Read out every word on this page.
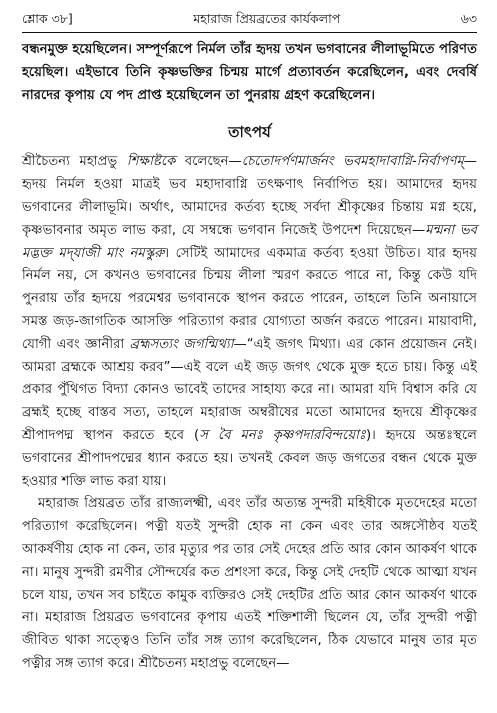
শ্লোক ৩৮]	মহারাজ প্রিয়ব্রতের কার্যকলাপ	৬৩

বন্ধনমুক্ত হয়েছিলেন। সম্পূর্ণরূপে নির্মল তাঁর হৃদয় তখন ভগবানের লীলাভূমিতে পরিণত হয়েছিল। এইভাবে তিনি কৃষ্ণভক্তির চিন্ময় মার্গে প্রত্যাবর্তন করেছিলেন, এবং দেবর্ষি নারদের কৃপায় যে পদ প্রাপ্ত হয়েছিলেন তা পুনরায় গ্রহণ করেছিলেন।

তাৎপর্য

শ্রীচৈতন্য মহাপ্রভু শিক্ষাষ্টকে বলেছেন—চেতোদর্পণমার্জনং ভবমহাদাবাগ্নি-নির্বাপণম্—হৃদয় নির্মল হওয়া মাত্রই ভব মহাদাবাগ্নি তৎক্ষণাৎ নির্বাপিত হয়। আমাদের হৃদয় ভগবানের লীলাভূমি। অর্থাৎ, আমাদের কর্তব্য হচ্ছে সর্বদা শ্রীকৃষ্ণের চিন্তায় মগ্ন হয়ে, কৃষ্ণভাবনার অমৃত লাভ করা, যে সম্বন্ধে ভগবান নিজেই উপদেশ দিয়েছেন—মন্মনা ভব মদ্ভক্ত মদ্‌যাজী মাং নমস্কুরু। সেটিই আমাদের একমাত্র কর্তব্য হওয়া উচিত। যার হৃদয় নির্মল নয়, সে কখনও ভগবানের চিন্ময় লীলা স্মরণ করতে পারে না, কিন্তু কেউ যদি পুনরায় তাঁর হৃদয়ে পরমেশ্বর ভগবানকে স্থাপন করতে পারেন, তাহলে তিনি অনায়াসে সমস্ত জড়-জাগতিক আসক্তি পরিত্যাগ করার যোগ্যতা অর্জন করতে পারেন। মায়াবাদী, যোগী এবং জ্ঞানীরা ব্রহ্মসত্যং জগন্মিথ্যা—“এই জগৎ মিথ্যা। এর কোন প্রয়োজন নেই। আমরা ব্রহ্মকে আশ্রয় করব”—এই বলে এই জড় জগৎ থেকে মুক্ত হতে চায়। কিন্তু এই প্রকার পুঁথিগত বিদ্যা কোনও ভাবেই তাদের সাহায্য করে না। আমরা যদি বিশ্বাস করি যে ব্রহ্মই হচ্ছে বাস্তব সত্য, তাহলে মহারাজ অম্বরীষের মতো আমাদের হৃদয়ে শ্রীকৃষ্ণের শ্রীপাদপদ্ম স্থাপন করতে হবে (স বৈ মনঃ কৃষ্ণপদারবিন্দয়োঃ)। হৃদয়ে অন্তঃস্থলে ভগবানের শ্রীপাদপদ্মের ধ্যান করতে হয়। তখনই কেবল জড় জগতের বন্ধন থেকে মুক্ত হওয়ার শক্তি লাভ করা যায়।

মহারাজ প্রিয়ব্রত তাঁর রাজ্যলক্ষ্মী, এবং তাঁর অত্যন্ত সুন্দরী মহিষীকে মৃতদেহের মতো পরিত্যাগ করেছিলেন। পত্নী যতই সুন্দরী হোক না কেন এবং তার অঙ্গসৌষ্ঠব যতই আকর্ষণীয় হোক না কেন, তার মৃত্যুর পর তার সেই দেহের প্রতি আর কোন আকর্ষণ থাকে না। মানুষ সুন্দরী রমণীর সৌন্দর্যের কত প্রশংসা করে, কিন্তু সেই দেহটি থেকে আত্মা যখন চলে যায়, তখন সব চাইতে কামুক ব্যক্তিরও সেই দেহটির প্রতি আর কোন আকর্ষণ থাকে না। মহারাজ প্রিয়ব্রত ভগবানের কৃপায় এতই শক্তিশালী ছিলেন যে, তাঁর সুন্দরী পত্নী জীবিত থাকা সত্ত্বেও তিনি তাঁর সঙ্গ ত্যাগ করেছিলেন, ঠিক যেভাবে মানুষ তার মৃত পত্নীর সঙ্গ ত্যাগ করে। শ্রীচৈতন্য মহাপ্রভু বলেছেন—
